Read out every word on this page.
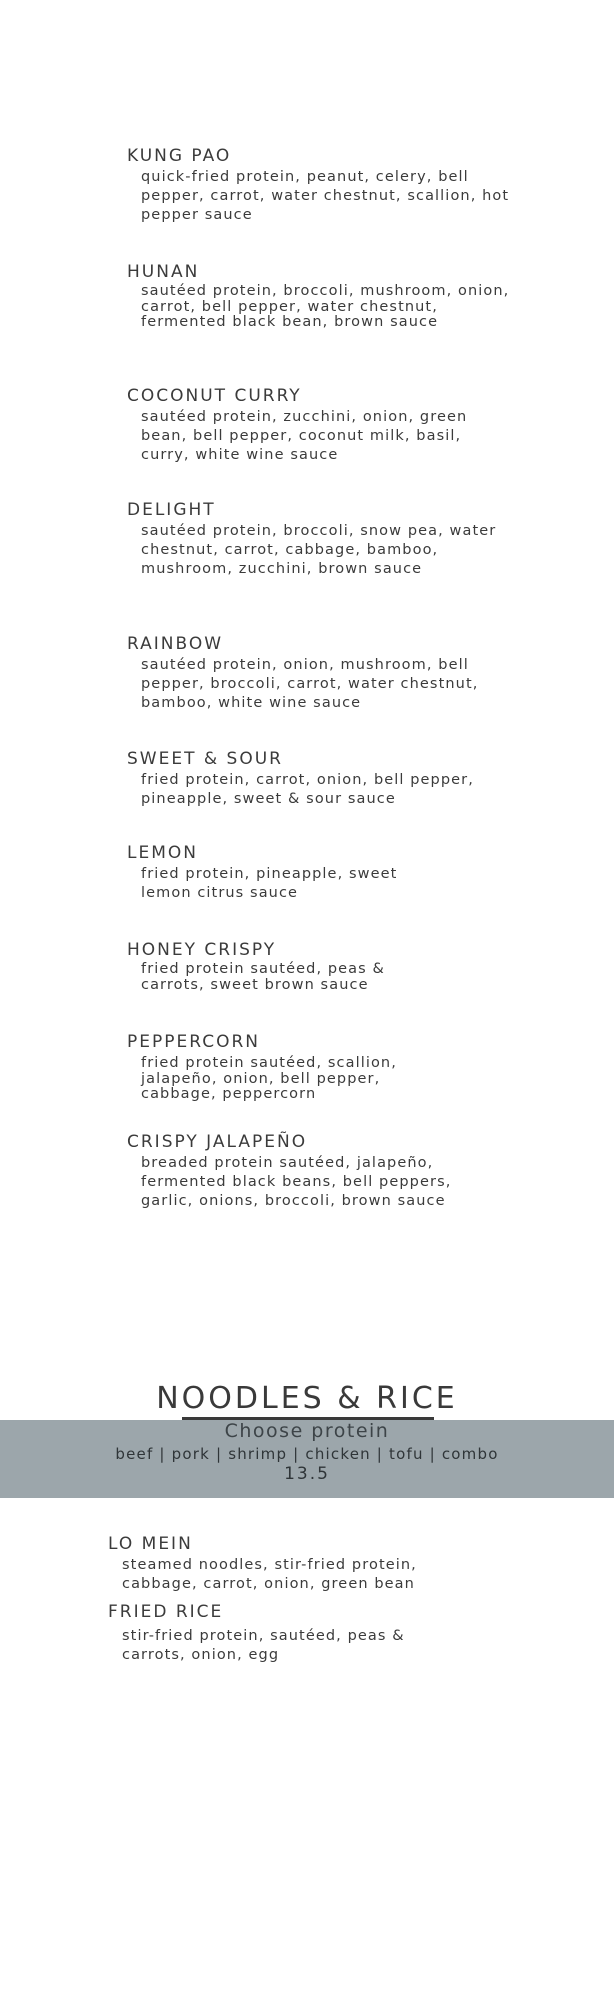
KUNG PAO
quick-fried protein, peanut, celery, bell pepper, carrot, water chestnut, scallion, hot pepper sauce
HUNAN
sautéed protein, broccoli, mushroom, onion, carrot, bell pepper, water chestnut, fermented black bean, brown sauce
COCONUT CURRY
sautéed protein, zucchini, onion, green bean, bell pepper, coconut milk, basil, curry, white wine sauce
DELIGHT
sautéed protein, broccoli, snow pea, water chestnut, carrot, cabbage, bamboo, mushroom, zucchini, brown sauce
RAINBOW
sautéed protein, onion, mushroom, bell pepper, broccoli, carrot, water chestnut, bamboo, white wine sauce
SWEET & SOUR
fried protein, carrot, onion, bell pepper, pineapple, sweet & sour sauce
LEMON
fried protein, pineapple, sweet lemon citrus sauce
HONEY CRISPY
fried protein sautéed, peas & carrots, sweet brown sauce
PEPPERCORN
fried protein sautéed, scallion, jalapeño, onion, bell pepper, cabbage, peppercorn
CRISPY JALAPEÑO
breaded protein sautéed, jalapeño, fermented black beans, bell peppers, garlic, onions, broccoli, brown sauce
NOODLES & RICE
Choose protein
beef | pork | shrimp | chicken | tofu | combo
13.5
LO MEIN
steamed noodles, stir-fried protein, cabbage, carrot, onion, green bean
FRIED RICE
stir-fried protein, sautéed, peas & carrots, onion, egg
